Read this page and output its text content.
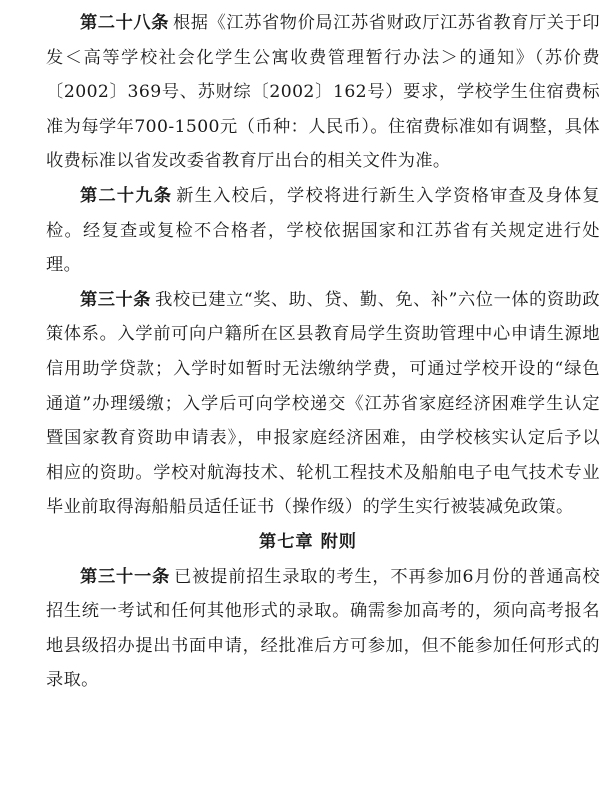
第二十八条 根据《江苏省物价局江苏省财政厅江苏省教育厅关于印发＜高等学校社会化学生公寓收费管理暂行办法＞的通知》（苏价费〔2002〕369号、苏财综〔2002〕162号）要求，学校学生住宿费标准为每学年700-1500元（币种：人民币）。住宿费标准如有调整，具体收费标准以省发改委省教育厅出台的相关文件为准。

第二十九条 新生入校后，学校将进行新生入学资格审查及身体复检。经复查或复检不合格者，学校依据国家和江苏省有关规定进行处理。

第三十条 我校已建立“奖、助、贷、勤、免、补”六位一体的资助政策体系。入学前可向户籍所在区县教育局学生资助管理中心申请生源地信用助学贷款；入学时如暂时无法缴纳学费，可通过学校开设的“绿色通道”办理缓缴；入学后可向学校递交《江苏省家庭经济困难学生认定暨国家教育资助申请表》，申报家庭经济困难，由学校核实认定后予以相应的资助。学校对航海技术、轮机工程技术及船舶电子电气技术专业毕业前取得海船船员适任证书（操作级）的学生实行被装减免政策。

第七章 附则

第三十一条 已被提前招生录取的考生，不再参加6月份的普通高校招生统一考试和任何其他形式的录取。确需参加高考的，须向高考报名地县级招办提出书面申请，经批准后方可参加，但不能参加任何形式的录取。
